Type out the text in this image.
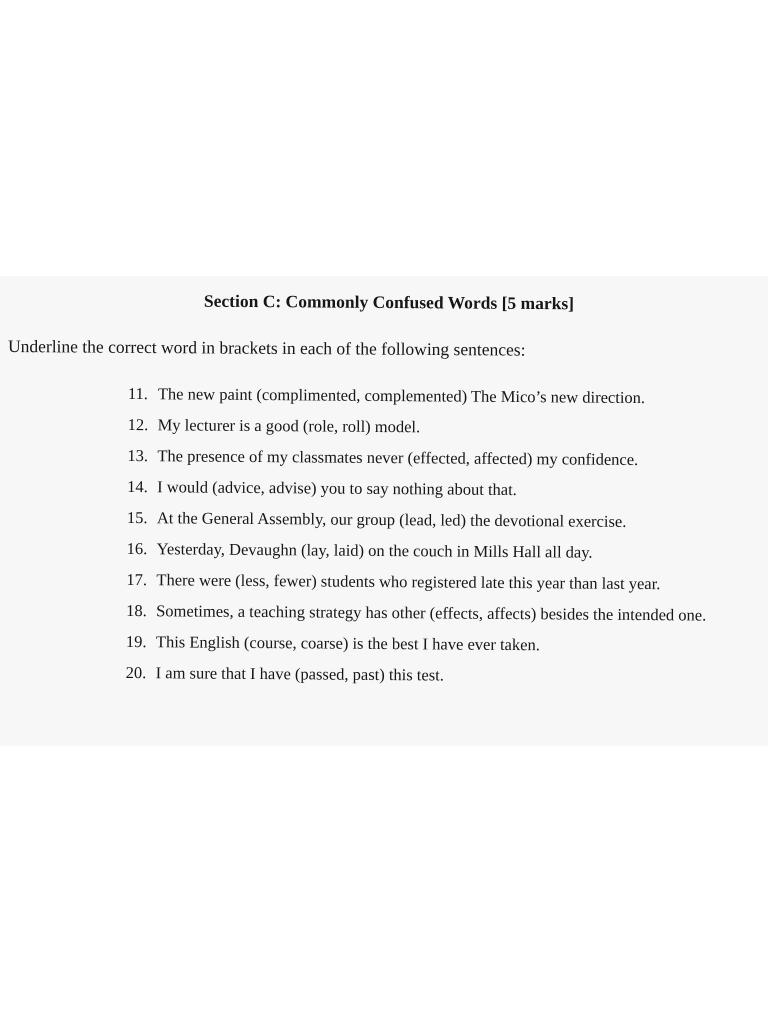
Section C: Commonly Confused Words [5 marks]
Underline the correct word in brackets in each of the following sentences:
11. The new paint (complimented, complemented) The Mico’s new direction.
12. My lecturer is a good (role, roll) model.
13. The presence of my classmates never (effected, affected) my confidence.
14. I would (advice, advise) you to say nothing about that.
15. At the General Assembly, our group (lead, led) the devotional exercise.
16. Yesterday, Devaughn (lay, laid) on the couch in Mills Hall all day.
17. There were (less, fewer) students who registered late this year than last year.
18. Sometimes, a teaching strategy has other (effects, affects) besides the intended one.
19. This English (course, coarse) is the best I have ever taken.
20. I am sure that I have (passed, past) this test.
